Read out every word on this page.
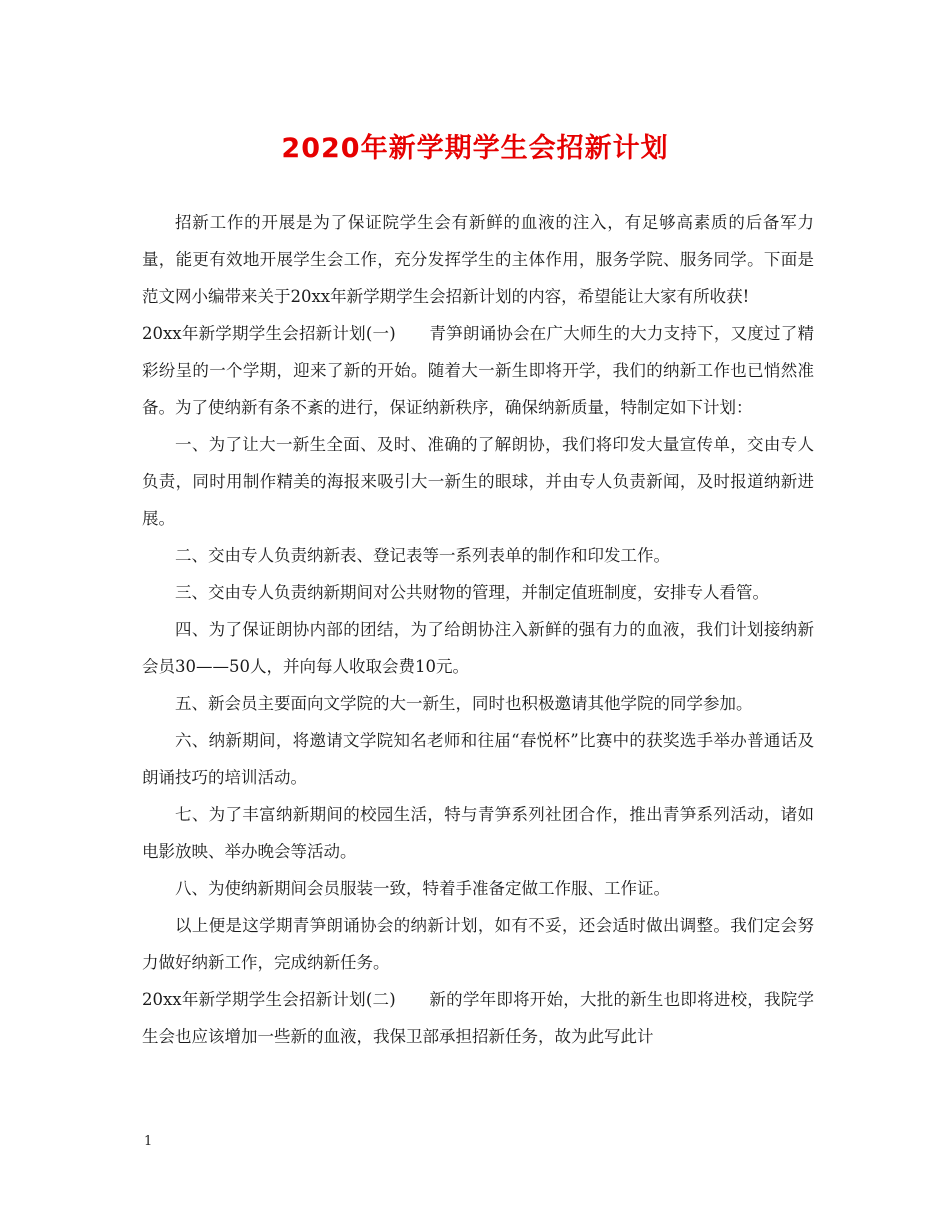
2020年新学期学生会招新计划

招新工作的开展是为了保证院学生会有新鲜的血液的注入，有足够高素质的后备军力量，能更有效地开展学生会工作，充分发挥学生的主体作用，服务学院、服务同学。下面是范文网小编带来关于20xx年新学期学生会招新计划的内容，希望能让大家有所收获!

20xx年新学期学生会招新计划(一)　　青笋朗诵协会在广大师生的大力支持下，又度过了精彩纷呈的一个学期，迎来了新的开始。随着大一新生即将开学，我们的纳新工作也已悄然准备。为了使纳新有条不紊的进行，保证纳新秩序，确保纳新质量，特制定如下计划：

一、为了让大一新生全面、及时、准确的了解朗协，我们将印发大量宣传单，交由专人负责，同时用制作精美的海报来吸引大一新生的眼球，并由专人负责新闻，及时报道纳新进展。

二、交由专人负责纳新表、登记表等一系列表单的制作和印发工作。

三、交由专人负责纳新期间对公共财物的管理，并制定值班制度，安排专人看管。

四、为了保证朗协内部的团结，为了给朗协注入新鲜的强有力的血液，我们计划接纳新会员30——50人，并向每人收取会费10元。

五、新会员主要面向文学院的大一新生，同时也积极邀请其他学院的同学参加。

六、纳新期间，将邀请文学院知名老师和往届“春悦杯”比赛中的获奖选手举办普通话及朗诵技巧的培训活动。

七、为了丰富纳新期间的校园生活，特与青笋系列社团合作，推出青笋系列活动，诸如电影放映、举办晚会等活动。

八、为使纳新期间会员服装一致，特着手准备定做工作服、工作证。

以上便是这学期青笋朗诵协会的纳新计划，如有不妥，还会适时做出调整。我们定会努力做好纳新工作，完成纳新任务。

20xx年新学期学生会招新计划(二)　　新的学年即将开始，大批的新生也即将进校，我院学生会也应该增加一些新的血液，我保卫部承担招新任务，故为此写此计

1
